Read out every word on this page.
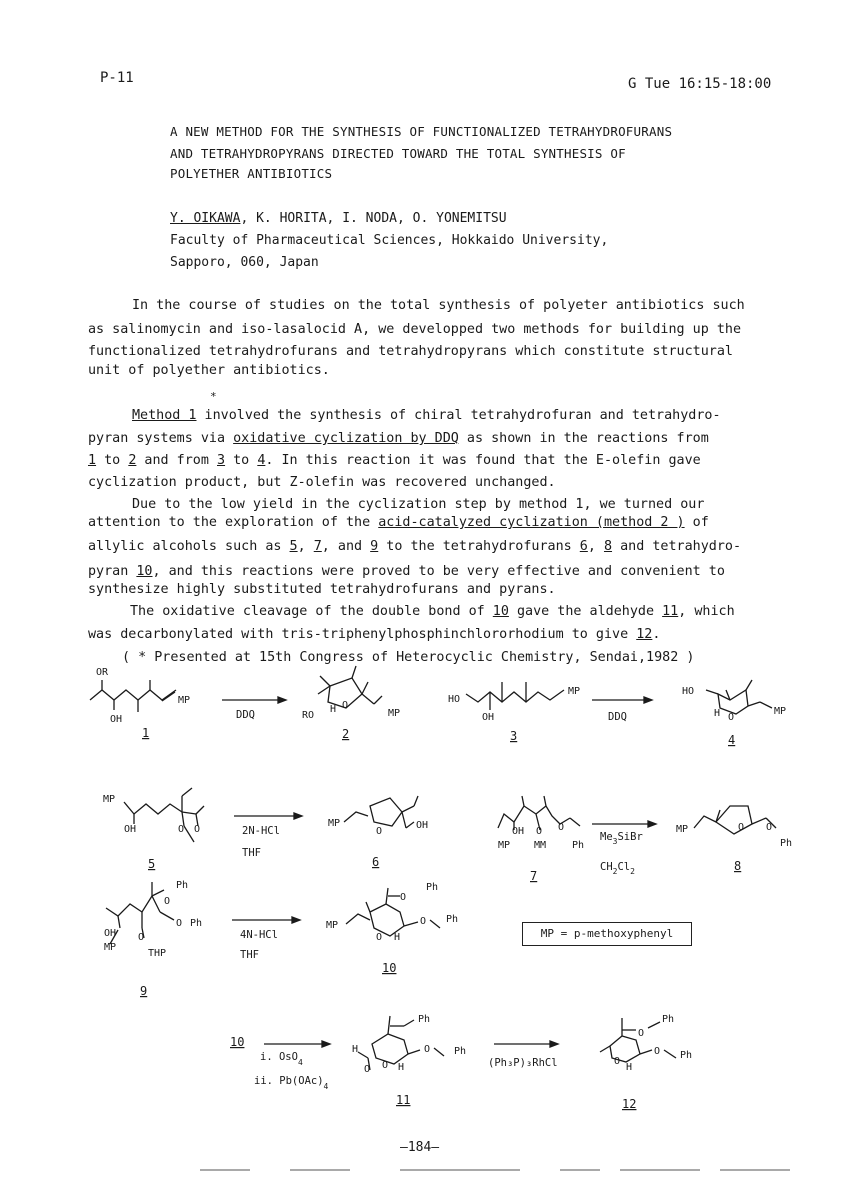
P-11	G Tue 16:15-18:00
A NEW METHOD FOR THE SYNTHESIS OF FUNCTIONALIZED TETRAHYDROFURANS
AND TETRAHYDROPYRANS DIRECTED TOWARD THE TOTAL SYNTHESIS OF
POLYETHER ANTIBIOTICS
Y. OIKAWA, K. HORITA, I. NODA, O. YONEMITSU
Faculty of Pharmaceutical Sciences, Hokkaido University,
Sapporo, 060, Japan
In the course of studies on the total synthesis of polyeter antibiotics such
as salinomycin and iso-lasalocid A, we developped two methods for building up the
functionalized tetrahydrofurans and tetrahydropyrans which constitute structural
unit of polyether antibiotics.
*
Method 1 involved the synthesis of chiral tetrahydrofuran and tetrahydro-
pyran systems via oxidative cyclization by DDQ as shown in the reactions from
1 to 2 and from 3 to 4. In this reaction it was found that the E-olefin gave
cyclization product, but Z-olefin was recovered unchanged.
Due to the low yield in the cyclization step by method 1, we turned our
attention to the exploration of the acid-catalyzed cyclization (method 2 ) of
allylic alcohols such as 5, 7, and 9 to the tetrahydrofurans 6, 8 and tetrahydro-
pyran 10, and this reactions were proved to be very effective and convenient to
synthesize highly substituted tetrahydrofurans and pyrans.
The oxidative cleavage of the double bond of 10 gave the aldehyde 11, which
was decarbonylated with tris-triphenylphosphinchlororhodium to give 12.
( * Presented at 15th Congress of Heterocyclic Chemistry, Sendai,1982 )
OR
OH
MP
1
DDQ	RO
H O
MP
2
HO
OH
MP
3
DDQ
HO
H O
MP
4
MP
OH	O O
5
2N-HCl
THF
MP
O
OH
6
OH O O
MP MM	Ph
7
$Me_3SiBr$
$CH_2Cl_2$
MP	O O
Ph
8
Ph
O
O Ph
OH O
MP
THP
9
4N-HCl
THF
MP
Ph
O
O H
O Ph
10
10
i. OsO$_4$
ii. $Pb(OAc)_4$
H
O O H
Ph
O Ph
11
(Ph₃P)₃RhCl
Ph
O
O
H
O Ph
12
MP = p-methoxyphenyl
—184—
